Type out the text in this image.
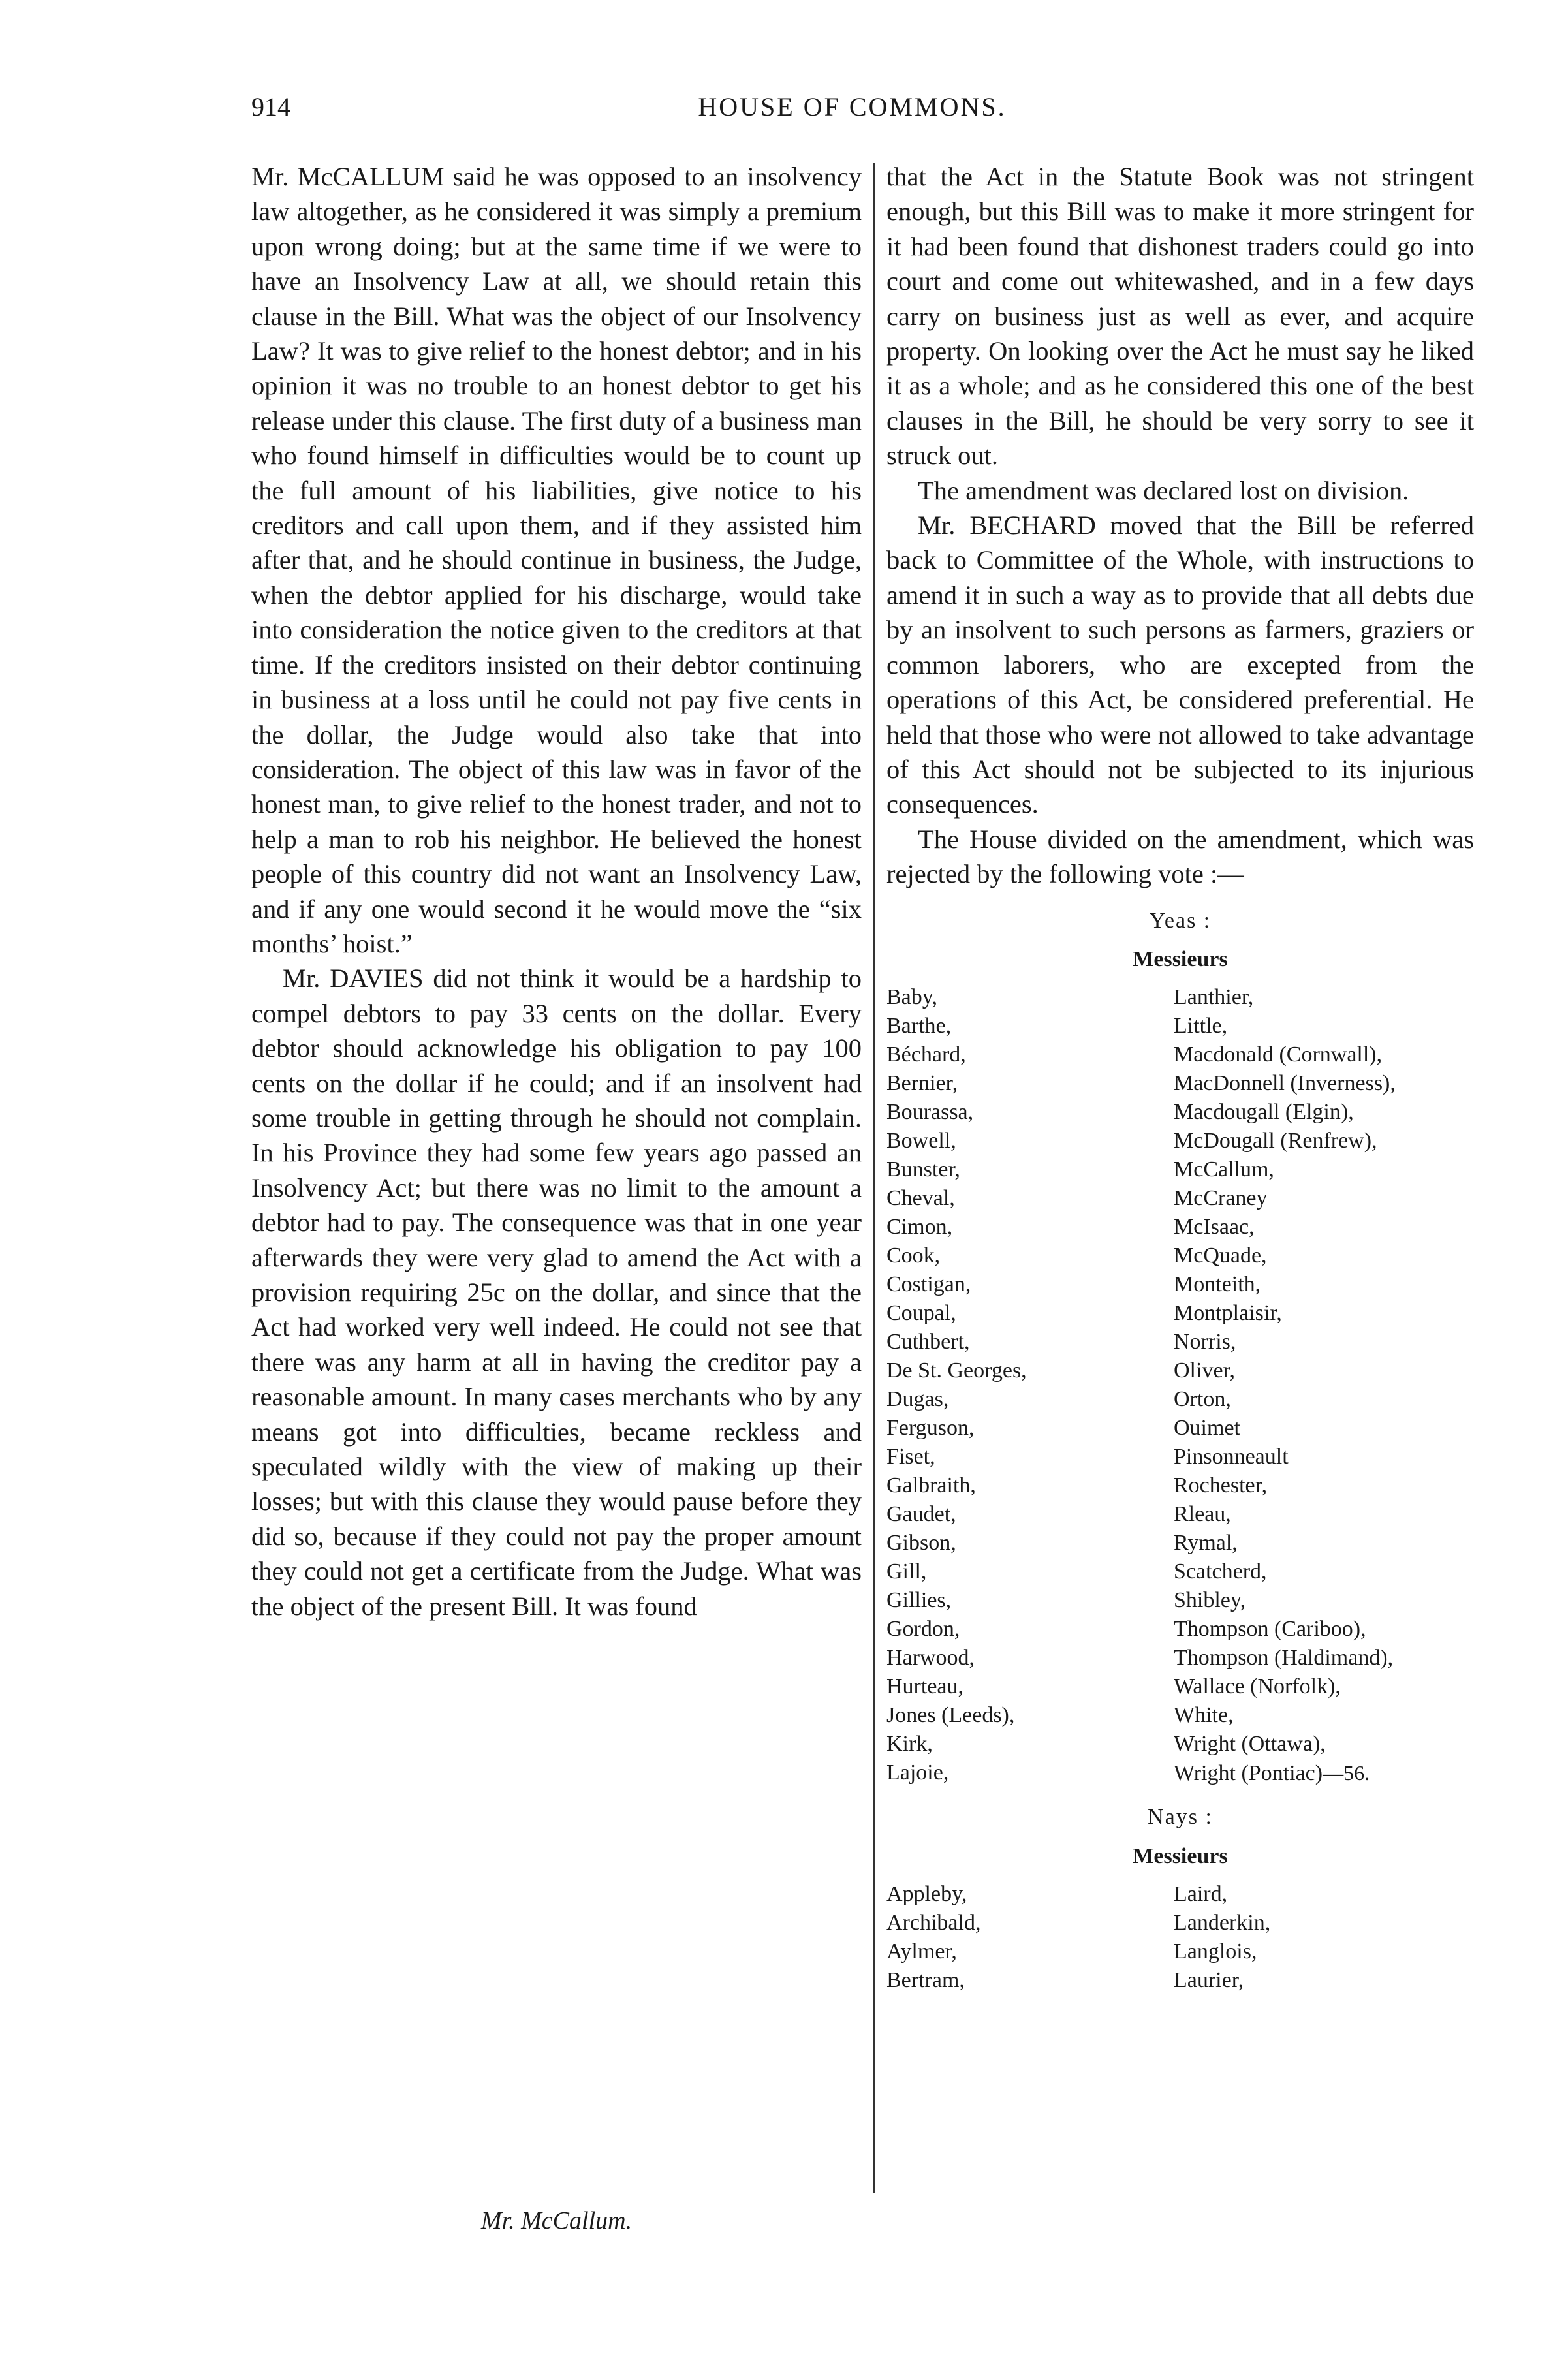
914	HOUSE OF COMMONS.

Mr. McCALLUM said he was opposed to an insolvency law altogether, as he considered it was simply a premium upon wrong doing; but at the same time if we were to have an Insolvency Law at all, we should retain this clause in the Bill. What was the object of our Insolvency Law? It was to give relief to the honest debtor; and in his opinion it was no trouble to an honest debtor to get his release under this clause. The first duty of a business man who found himself in difficulties would be to count up the full amount of his liabilities, give notice to his creditors and call upon them, and if they assisted him after that, and he should continue in business, the Judge, when the debtor applied for his discharge, would take into consideration the notice given to the creditors at that time. If the creditors insisted on their debtor continuing in business at a loss until he could not pay five cents in the dollar, the Judge would also take that into consideration. The object of this law was in favor of the honest man, to give relief to the honest trader, and not to help a man to rob his neighbor. He believed the honest people of this country did not want an Insolvency Law, and if any one would second it he would move the “six months’ hoist.”

Mr. DAVIES did not think it would be a hardship to compel debtors to pay 33 cents on the dollar. Every debtor should acknowledge his obligation to pay 100 cents on the dollar if he could; and if an insolvent had some trouble in getting through he should not complain. In his Province they had some few years ago passed an Insolvency Act; but there was no limit to the amount a debtor had to pay. The consequence was that in one year afterwards they were very glad to amend the Act with a provision requiring 25c on the dollar, and since that the Act had worked very well indeed. He could not see that there was any harm at all in having the creditor pay a reasonable amount. In many cases merchants who by any means got into difficulties, became reckless and speculated wildly with the view of making up their losses; but with this clause they would pause before they did so, because if they could not pay the proper amount they could not get a certificate from the Judge. What was the object of the present Bill. It was found

that the Act in the Statute Book was not stringent enough, but this Bill was to make it more stringent for it had been found that dishonest traders could go into court and come out whitewashed, and in a few days carry on business just as well as ever, and acquire property. On looking over the Act he must say he liked it as a whole; and as he considered this one of the best clauses in the Bill, he should be very sorry to see it struck out.

The amendment was declared lost on division.

Mr. BECHARD moved that the Bill be referred back to Committee of the Whole, with instructions to amend it in such a way as to provide that all debts due by an insolvent to such persons as farmers, graziers or common laborers, who are excepted from the operations of this Act, be considered preferential. He held that those who were not allowed to take advantage of this Act should not be subjected to its injurious consequences.

The House divided on the amendment, which was rejected by the following vote :—

Yeas :
Messieurs
Baby,
Barthe,
Béchard,
Bernier,
Bourassa,
Bowell,
Bunster,
Cheval,
Cimon,
Cook,
Costigan,
Coupal,
Cuthbert,
De St. Georges,
Dugas,
Ferguson,
Fiset,
Galbraith,
Gaudet,
Gibson,
Gill,
Gillies,
Gordon,
Harwood,
Hurteau,
Jones (Leeds),
Kirk,
Lajoie,
Lanthier,
Little,
Macdonald (Cornwall),
MacDonnell (Inverness),
Macdougall (Elgin),
McDougall (Renfrew),
McCallum,
McCraney
McIsaac,
McQuade,
Monteith,
Montplaisir,
Norris,
Oliver,
Orton,
Ouimet
Pinsonneault
Rochester,
Rleau,
Rymal,
Scatcherd,
Shibley,
Thompson (Cariboo),
Thompson (Haldimand),
Wallace (Norfolk),
White,
Wright (Ottawa),
Wright (Pontiac)—56.
Nays :
Messieurs
Appleby,
Archibald,
Aylmer,
Bertram,
Laird,
Landerkin,
Langlois,
Laurier,
Mr. McCallum.
